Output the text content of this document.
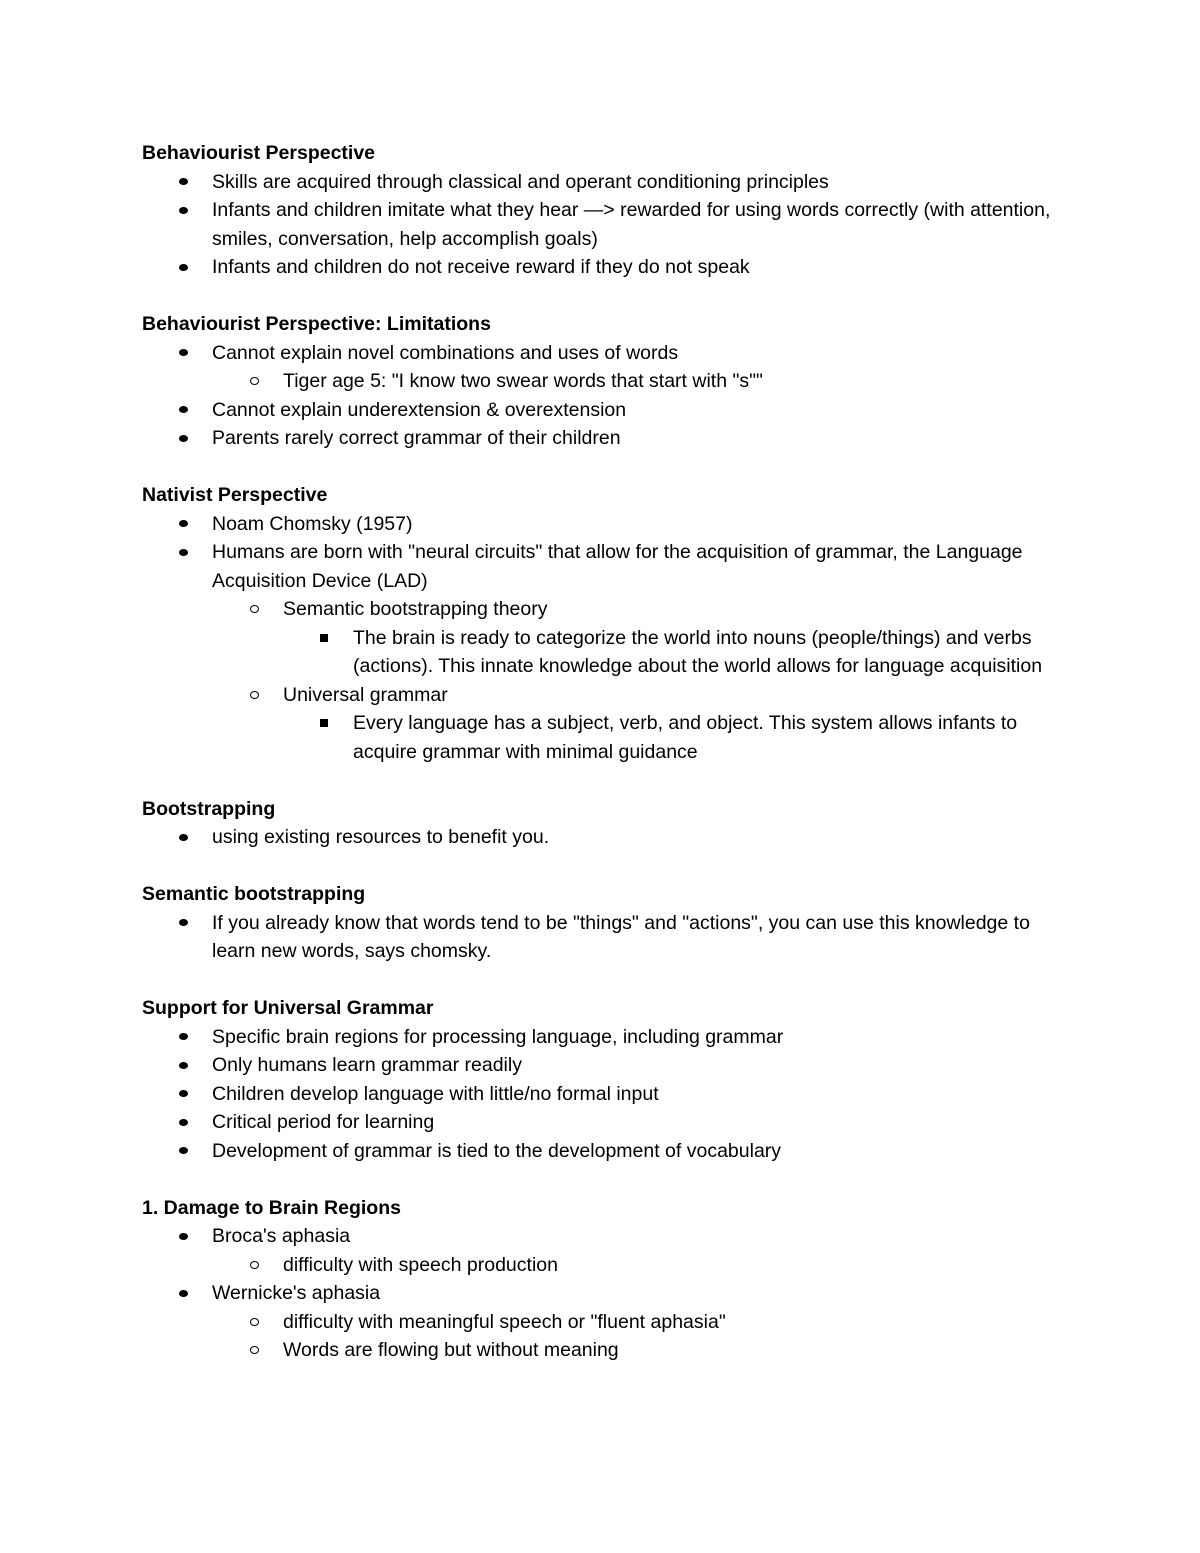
Behaviourist Perspective
Skills are acquired through classical and operant conditioning principles
Infants and children imitate what they hear —> rewarded for using words correctly (with attention, smiles, conversation, help accomplish goals)
Infants and children do not receive reward if they do not speak
Behaviourist Perspective: Limitations
Cannot explain novel combinations and uses of words
Tiger age 5: "I know two swear words that start with "s""
Cannot explain underextension & overextension
Parents rarely correct grammar of their children
Nativist Perspective
Noam Chomsky (1957)
Humans are born with "neural circuits" that allow for the acquisition of grammar, the Language Acquisition Device (LAD)
Semantic bootstrapping theory
The brain is ready to categorize the world into nouns (people/things) and verbs (actions). This innate knowledge about the world allows for language acquisition
Universal grammar
Every language has a subject, verb, and object. This system allows infants to acquire grammar with minimal guidance
Bootstrapping
using existing resources to benefit you.
Semantic bootstrapping
If you already know that words tend to be "things" and "actions", you can use this knowledge to learn new words, says chomsky.
Support for Universal Grammar
Specific brain regions for processing language, including grammar
Only humans learn grammar readily
Children develop language with little/no formal input
Critical period for learning
Development of grammar is tied to the development of vocabulary
1. Damage to Brain Regions
Broca's aphasia
difficulty with speech production
Wernicke's aphasia
difficulty with meaningful speech or "fluent aphasia"
Words are flowing but without meaning
